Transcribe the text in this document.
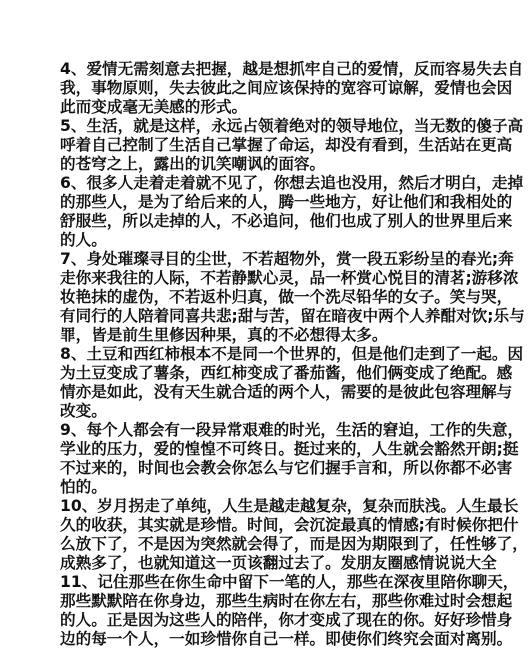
4、爱情无需刻意去把握，越是想抓牢自己的爱情，反而容易失去自
我，事物原则，失去彼此之间应该保持的宽容可谅解，爱情也会因
此而变成毫无美感的形式。
5、生活，就是这样，永远占领着绝对的领导地位，当无数的傻子高
呼着自己控制了生活自己掌握了命运，却没有看到，生活站在更高
的苍穹之上，露出的讥笑嘲讽的面容。
6、很多人走着走着就不见了，你想去追也没用，然后才明白，走掉
的那些人，是为了给后来的人，腾一些地方，好让他们和我相处的
舒服些，所以走掉的人，不必追问，他们也成了别人的世界里后来
的人。
7、身处璀璨寻目的尘世，不若超物外，赏一段五彩纷呈的春光;奔
走你来我往的人际，不若静默心灵，品一杯赏心悦目的清茗;游移浓
妆艳抹的虚伪，不若返朴归真，做一个洗尽铅华的女子。笑与哭，
有同行的人陪着同喜共悲;甜与苦，留在暗夜中两个人养酣对饮;乐与
罪，皆是前生里修因种果，真的不必想得太多。
8、土豆和西红柿根本不是同一个世界的，但是他们走到了一起。因
为土豆变成了薯条，西红柿变成了番茄酱，他们俩变成了绝配。感
情亦是如此，没有天生就合适的两个人，需要的是彼此包容理解与
改变。
9、每个人都会有一段异常艰难的时光，生活的窘迫，工作的失意，
学业的压力，爱的惶惶不可终日。挺过来的，人生就会豁然开朗;挺
不过来的，时间也会教会你怎么与它们握手言和，所以你都不必害
怕的。
10、岁月拐走了单纯，人生是越走越复杂，复杂而肤浅。人生最长
久的收获，其实就是珍惜。时间，会沉淀最真的情感;有时候你把什
么放下了，不是因为突然就会得了，而是因为期限到了，任性够了，
成熟多了，也就知道这一页该翻过去了。发朋友圈感情说说大全
11、记住那些在你生命中留下一笔的人，那些在深夜里陪你聊天，
那些默默陪在你身边，那些生病时在你左右，那些你难过时会想起
的人。正是因为这些人的陪伴，你才变成了现在的你。好好珍惜身
边的每一个人，一如珍惜你自己一样。即使你们终究会面对离别。
